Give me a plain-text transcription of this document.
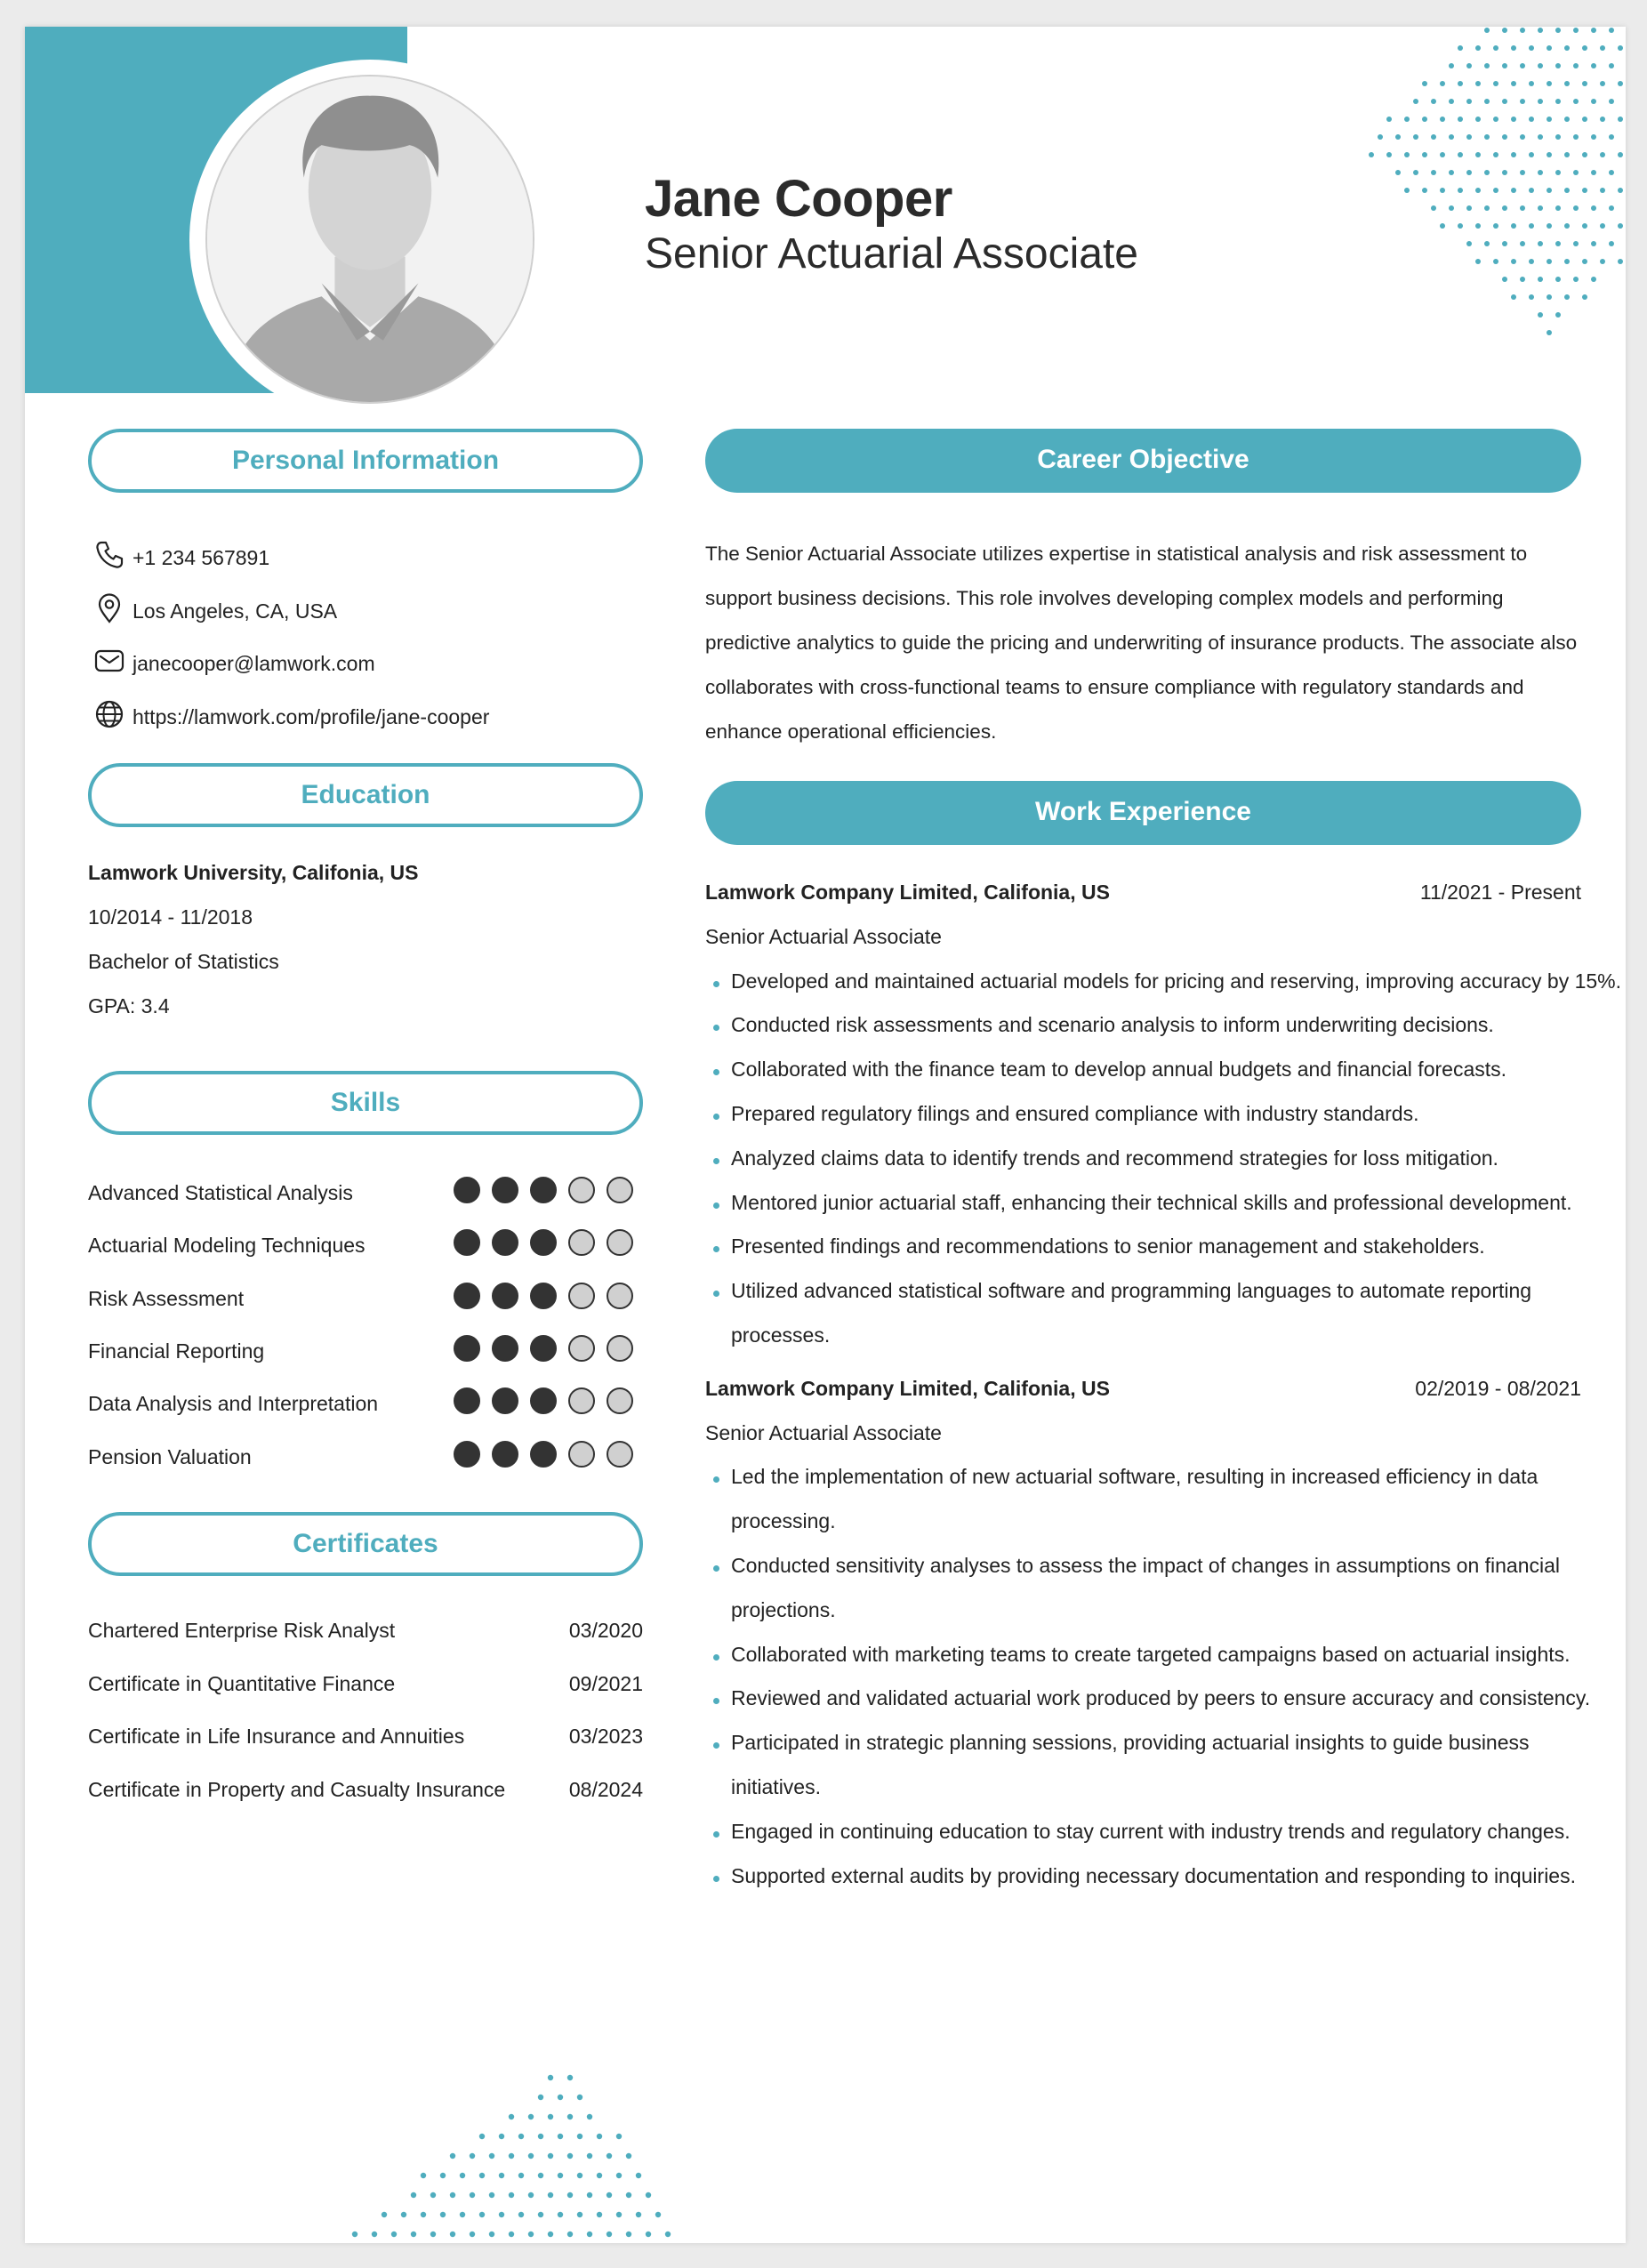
Jane Cooper
Senior Actuarial Associate
Personal Information
+1 234 567891
Los Angeles, CA, USA
janecooper@lamwork.com
https://lamwork.com/profile/jane-cooper
Education
Lamwork University, Califonia, US
10/2014 - 11/2018
Bachelor of Statistics
GPA: 3.4
Skills
Advanced Statistical Analysis
Actuarial Modeling Techniques
Risk Assessment
Financial Reporting
Data Analysis and Interpretation
Pension Valuation
Certificates
Chartered Enterprise Risk Analyst	03/2020
Certificate in Quantitative Finance	09/2021
Certificate in Life Insurance and Annuities	03/2023
Certificate in Property and Casualty Insurance	08/2024
Career Objective
The Senior Actuarial Associate utilizes expertise in statistical analysis and risk assessment to support business decisions. This role involves developing complex models and performing predictive analytics to guide the pricing and underwriting of insurance products. The associate also collaborates with cross-functional teams to ensure compliance with regulatory standards and enhance operational efficiencies.
Work Experience
Lamwork Company Limited, Califonia, US	11/2021 - Present
Senior Actuarial Associate
Developed and maintained actuarial models for pricing and reserving, improving accuracy by 15%.
Conducted risk assessments and scenario analysis to inform underwriting decisions.
Collaborated with the finance team to develop annual budgets and financial forecasts.
Prepared regulatory filings and ensured compliance with industry standards.
Analyzed claims data to identify trends and recommend strategies for loss mitigation.
Mentored junior actuarial staff, enhancing their technical skills and professional development.
Presented findings and recommendations to senior management and stakeholders.
Utilized advanced statistical software and programming languages to automate reporting
processes.
Lamwork Company Limited, Califonia, US	02/2019 - 08/2021
Senior Actuarial Associate
Led the implementation of new actuarial software, resulting in increased efficiency in data
processing.
Conducted sensitivity analyses to assess the impact of changes in assumptions on financial
projections.
Collaborated with marketing teams to create targeted campaigns based on actuarial insights.
Reviewed and validated actuarial work produced by peers to ensure accuracy and consistency.
Participated in strategic planning sessions, providing actuarial insights to guide business
initiatives.
Engaged in continuing education to stay current with industry trends and regulatory changes.
Supported external audits by providing necessary documentation and responding to inquiries.
